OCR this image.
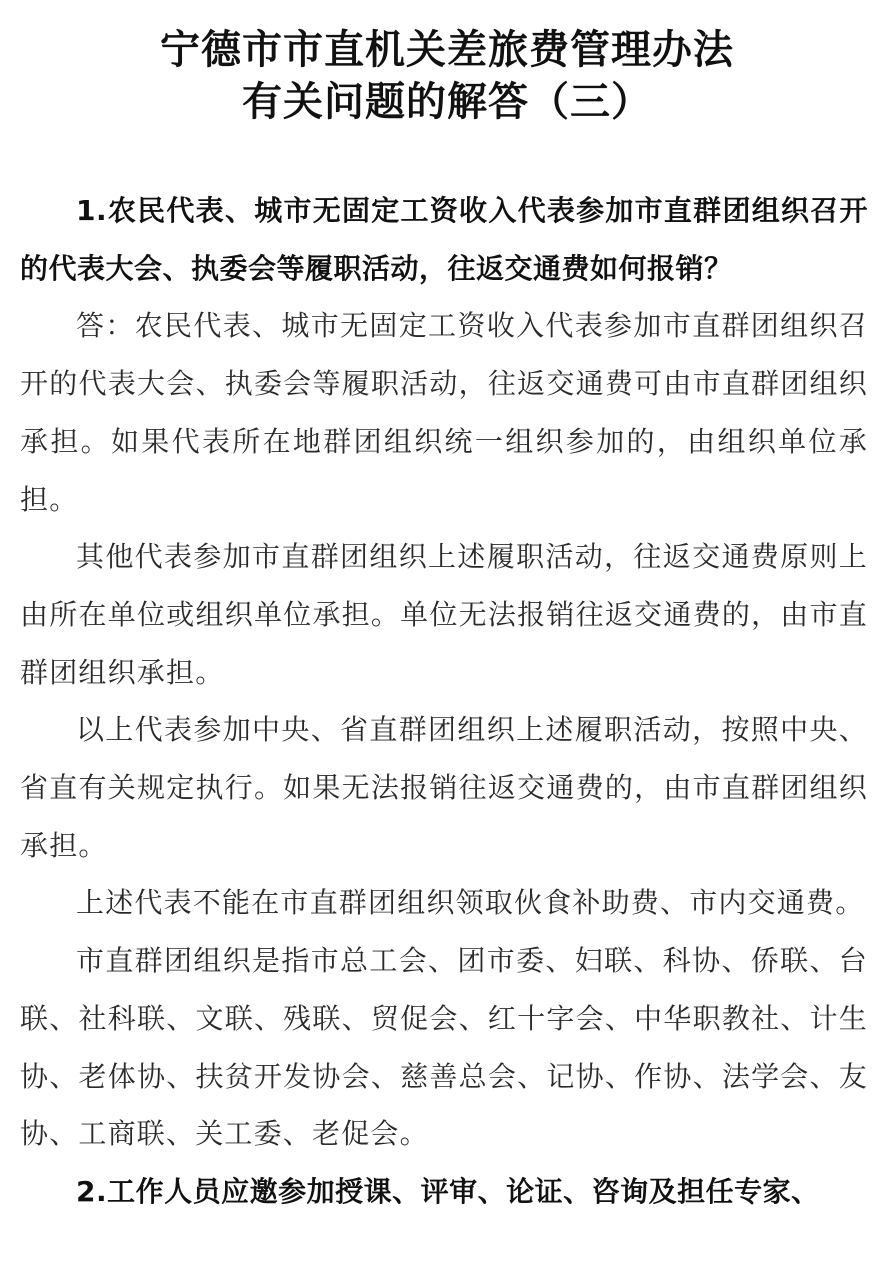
宁德市市直机关差旅费管理办法
有关问题的解答（三）

1.农民代表、城市无固定工资收入代表参加市直群团组织召开的代表大会、执委会等履职活动，往返交通费如何报销？

答：农民代表、城市无固定工资收入代表参加市直群团组织召开的代表大会、执委会等履职活动，往返交通费可由市直群团组织承担。如果代表所在地群团组织统一组织参加的，由组织单位承担。

其他代表参加市直群团组织上述履职活动，往返交通费原则上由所在单位或组织单位承担。单位无法报销往返交通费的，由市直群团组织承担。

以上代表参加中央、省直群团组织上述履职活动，按照中央、省直有关规定执行。如果无法报销往返交通费的，由市直群团组织承担。

上述代表不能在市直群团组织领取伙食补助费、市内交通费。

市直群团组织是指市总工会、团市委、妇联、科协、侨联、台联、社科联、文联、残联、贸促会、红十字会、中华职教社、计生协、老体协、扶贫开发协会、慈善总会、记协、作协、法学会、友协、工商联、关工委、老促会。

2.工作人员应邀参加授课、评审、论证、咨询及担任专家、
